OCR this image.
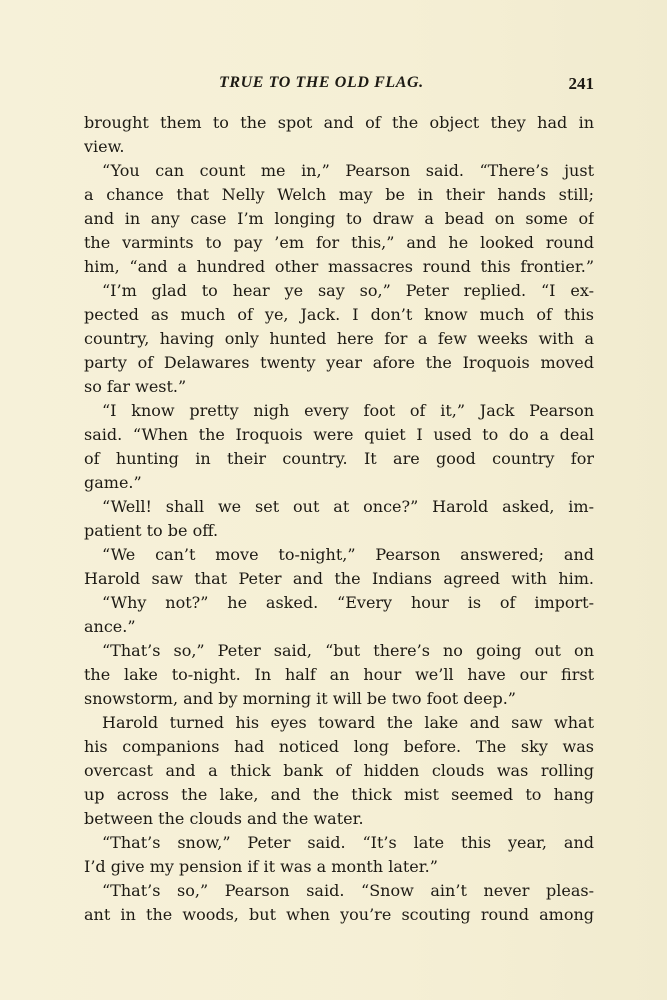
TRUE TO THE OLD FLAG.	241
brought them to the spot and of the object they had in
view.
“You can count me in,” Pearson said. “There’s just
a chance that Nelly Welch may be in their hands still;
and in any case I’m longing to draw a bead on some of
the varmints to pay ’em for this,” and he looked round
him, “and a hundred other massacres round this frontier.”
“I’m glad to hear ye say so,” Peter replied. “I ex-
pected as much of ye, Jack. I don’t know much of this
country, having only hunted here for a few weeks with a
party of Delawares twenty year afore the Iroquois moved
so far west.”
“I know pretty nigh every foot of it,” Jack Pearson
said. “When the Iroquois were quiet I used to do a deal
of hunting in their country. It are good country for
game.”
“Well! shall we set out at once?” Harold asked, im-
patient to be off.
“We can’t move to-night,” Pearson answered; and
Harold saw that Peter and the Indians agreed with him.
“Why not?” he asked. “Every hour is of import-
ance.”
“That’s so,” Peter said, “but there’s no going out on
the lake to-night. In half an hour we’ll have our first
snowstorm, and by morning it will be two foot deep.”
Harold turned his eyes toward the lake and saw what
his companions had noticed long before. The sky was
overcast and a thick bank of hidden clouds was rolling
up across the lake, and the thick mist seemed to hang
between the clouds and the water.
“That’s snow,” Peter said. “It’s late this year, and
I’d give my pension if it was a month later.”
“That’s so,” Pearson said. “Snow ain’t never pleas-
ant in the woods, but when you’re scouting round among
